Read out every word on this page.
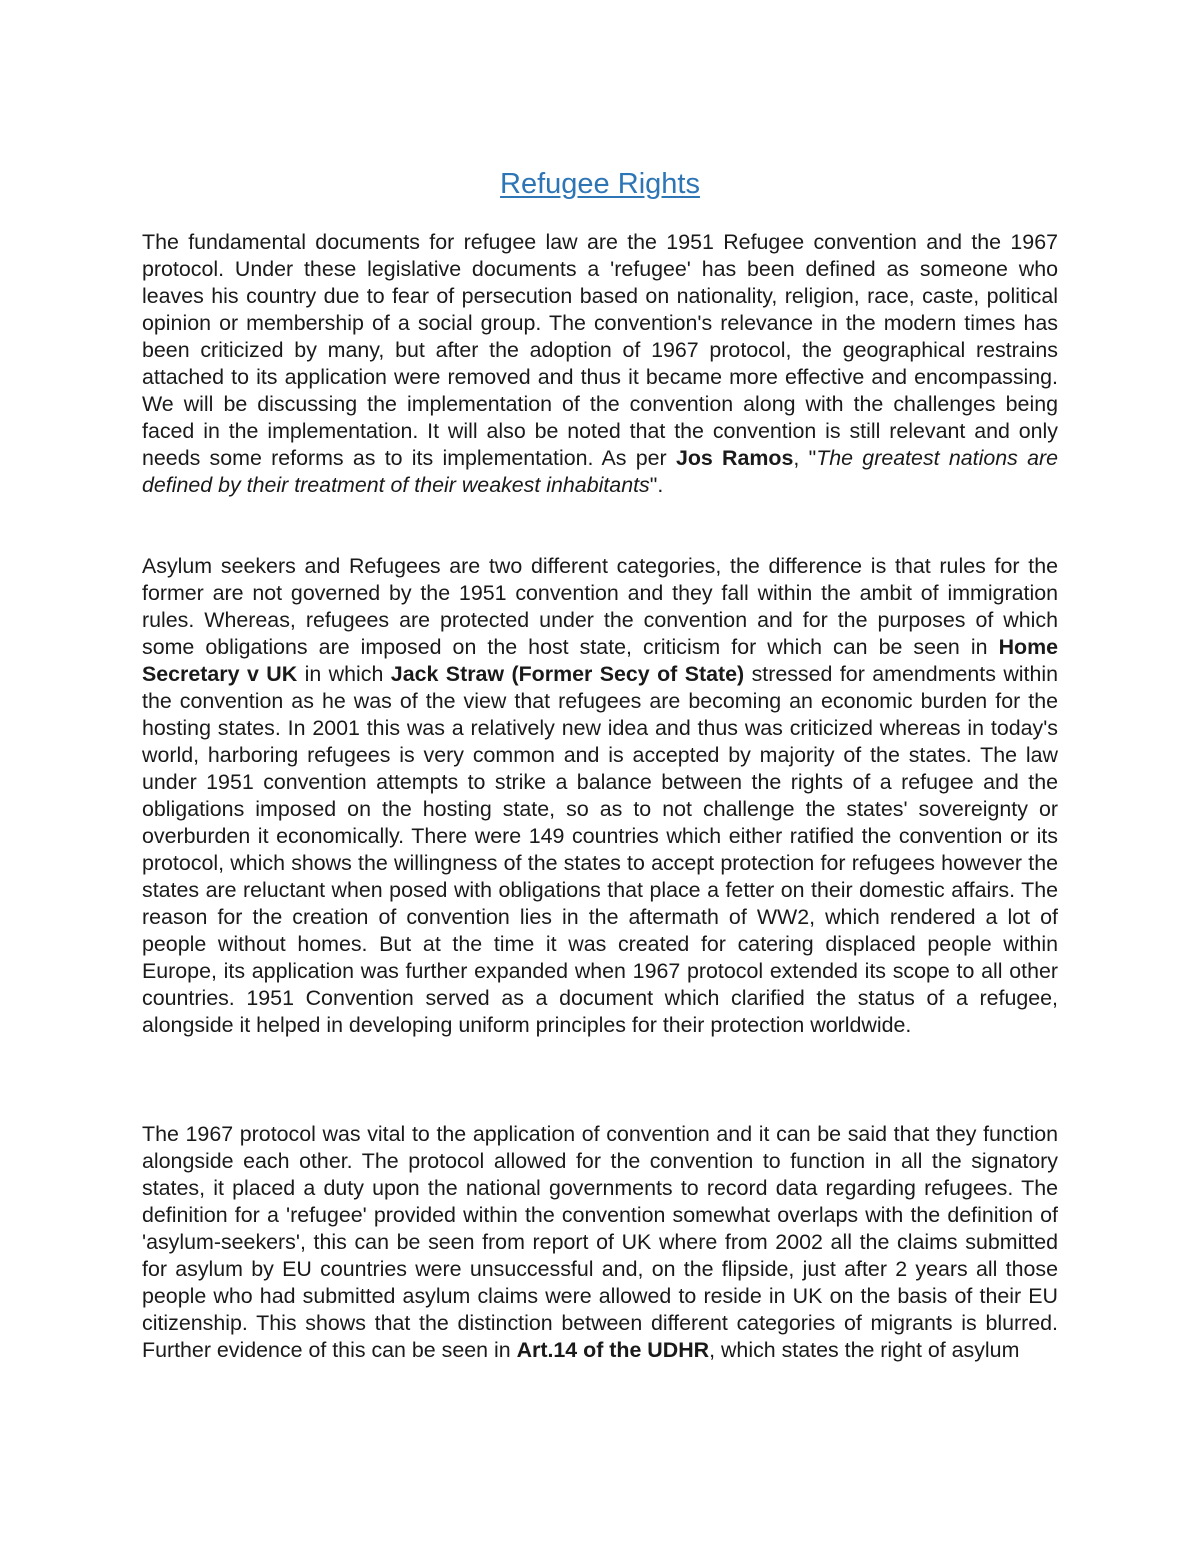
Refugee Rights

The fundamental documents for refugee law are the 1951 Refugee convention and the 1967 protocol. Under these legislative documents a 'refugee' has been defined as someone who leaves his country due to fear of persecution based on nationality, religion, race, caste, political opinion or membership of a social group. The convention's relevance in the modern times has been criticized by many, but after the adoption of 1967 protocol, the geographical restrains attached to its application were removed and thus it became more effective and encompassing. We will be discussing the implementation of the convention along with the challenges being faced in the implementation. It will also be noted that the convention is still relevant and only needs some reforms as to its implementation. As per Jos Ramos, "The greatest nations are defined by their treatment of their weakest inhabitants".

Asylum seekers and Refugees are two different categories, the difference is that rules for the former are not governed by the 1951 convention and they fall within the ambit of immigration rules. Whereas, refugees are protected under the convention and for the purposes of which some obligations are imposed on the host state, criticism for which can be seen in Home Secretary v UK in which Jack Straw (Former Secy of State) stressed for amendments within the convention as he was of the view that refugees are becoming an economic burden for the hosting states. In 2001 this was a relatively new idea and thus was criticized whereas in today's world, harboring refugees is very common and is accepted by majority of the states. The law under 1951 convention attempts to strike a balance between the rights of a refugee and the obligations imposed on the hosting state, so as to not challenge the states' sovereignty or overburden it economically. There were 149 countries which either ratified the convention or its protocol, which shows the willingness of the states to accept protection for refugees however the states are reluctant when posed with obligations that place a fetter on their domestic affairs. The reason for the creation of convention lies in the aftermath of WW2, which rendered a lot of people without homes. But at the time it was created for catering displaced people within Europe, its application was further expanded when 1967 protocol extended its scope to all other countries. 1951 Convention served as a document which clarified the status of a refugee, alongside it helped in developing uniform principles for their protection worldwide.

The 1967 protocol was vital to the application of convention and it can be said that they function alongside each other. The protocol allowed for the convention to function in all the signatory states, it placed a duty upon the national governments to record data regarding refugees. The definition for a 'refugee' provided within the convention somewhat overlaps with the definition of 'asylum-seekers', this can be seen from report of UK where from 2002 all the claims submitted for asylum by EU countries were unsuccessful and, on the flipside, just after 2 years all those people who had submitted asylum claims were allowed to reside in UK on the basis of their EU citizenship. This shows that the distinction between different categories of migrants is blurred. Further evidence of this can be seen in Art.14 of the UDHR, which states the right of asylum
